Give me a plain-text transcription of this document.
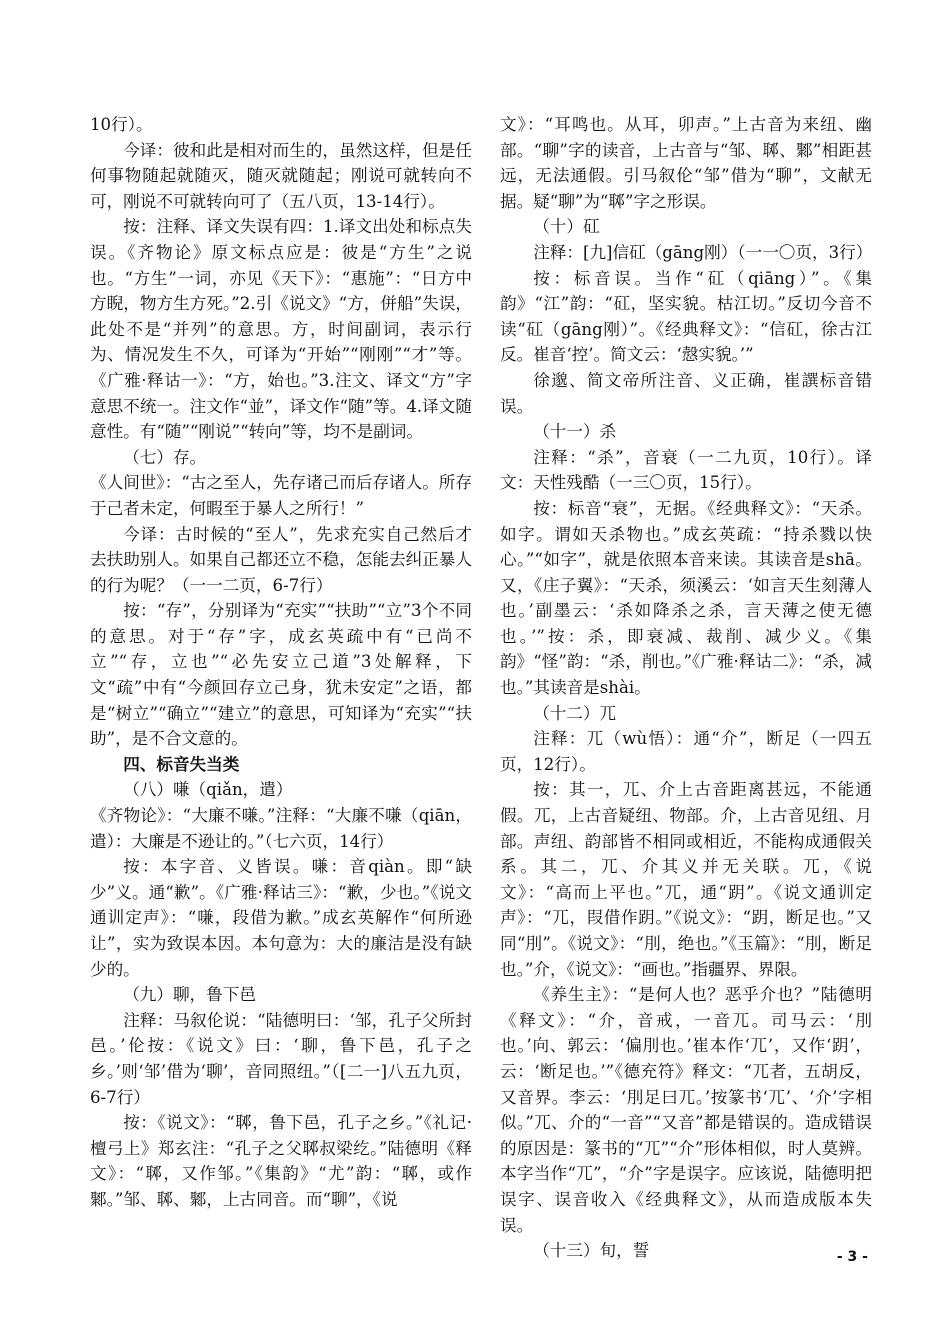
10行）。

今译：彼和此是相对而生的，虽然这样，但是任何事物随起就随灭，随灭就随起；刚说可就转向不可，刚说不可就转向可了（五八页，13-14行）。

按：注释、译文失误有四：1.译文出处和标点失误。《齐物论》原文标点应是：彼是“方生”之说也。“方生”一词，亦见《天下》：“惠施”：“日方中方睨，物方生方死。”2.引《说文》“方，併船”失误，此处不是“并列”的意思。方，时间副词，表示行为、情况发生不久，可译为“开始”“刚刚”“才”等。《广雅·释诂一》：“方，始也。”3.注文、译文“方”字意思不统一。注文作“並”，译文作“随”等。4.译文随意性。有“随”“刚说”“转向”等，均不是副词。

（七）存。

《人间世》：“古之至人，先存诸己而后存诸人。所存于己者未定，何暇至于暴人之所行！”

今译：古时候的“至人”，先求充实自己然后才去扶助别人。如果自己都还立不稳，怎能去纠正暴人的行为呢？（一一二页，6-7行）

按：“存”，分别译为“充实”“扶助”“立”3个不同的意思。对于“存”字，成玄英疏中有“已尚不立”“存，立也”“必先安立己道”3处解释，下文“疏”中有“今颜回存立己身，犹未安定”之语，都是“树立”“确立”“建立”的意思，可知译为“充实”“扶助”，是不合文意的。

四、标音失当类

（八）嗛（qiǎn，遣）

《齐物论》：“大廉不嗛。”注释：“大廉不嗛（qiān，遣）：大廉是不逊让的。”（七六页，14行）

按：本字音、义皆误。嗛：音qiàn。即“缺少”义。通“歉”。《广雅·释诂三》：“歉，少也。”《说文通训定声》：“嗛，段借为歉。”成玄英解作“何所逊让”，实为致误本因。本句意为：大的廉洁是没有缺少的。

（九）聊，鲁下邑

注释：马叙伦说：“陆德明曰：‘邹，孔子父所封邑。’伦按：《说文》曰：‘聊，鲁下邑，孔子之乡。’则‘邹’借为‘聊’，音同照纽。”（[二一]八五九页，6-7行）

按：《说文》：“郰，鲁下邑，孔子之乡。”《礼记·檀弓上》郑玄注：“孔子之父郰叔梁纥。”陆德明《释文》：“郰，又作邹。”《集韵》“尤”韵：“郰，或作鄹。”邹、郰、鄹，上古同音。而“聊”，《说

文》：“耳鸣也。从耳，卯声。”上古音为来纽、幽部。“聊”字的读音，上古音与“邹、郰、鄹”相距甚远，无法通假。引马叙伦“邹”借为“聊”，文献无据。疑“聊”为“郰”字之形误。

（十）矼

注释：[九]信矼（gāng刚）（一一〇页，3行）

按：标音误。当作“矼（qiāng）”。《集韵》“江”韵：“矼，坚实貌。枯江切。”反切今音不读“矼（gāng刚）”。《经典释文》：“信矼，徐古江反。崔音‘控’。简文云：‘慤实貌。’”

徐邈、简文帝所注音、义正确，崔譔标音错误。

（十一）杀

注释：“杀”，音衰（一二九页，10行）。译文：天性残酷（一三〇页，15行）。

按：标音“衰”，无据。《经典释文》：“天杀。如字。谓如天杀物也。”成玄英疏：“持杀戮以快心。”“如字”，就是依照本音来读。其读音是shā。又，《庄子翼》：“天杀，须溪云：‘如言天生刻薄人也。’副墨云：‘杀如降杀之杀，言天薄之使无德也。’”按：杀，即衰减、裁削、减少义。《集韵》“怪”韵：“杀，削也。”《广雅·释诂二》：“杀，减也。”其读音是shài。

（十二）兀

注释：兀（wù悟）：通“介”，断足（一四五页，12行）。

按：其一，兀、介上古音距离甚远，不能通假。兀，上古音疑纽、物部。介，上古音见纽、月部。声纽、韵部皆不相同或相近，不能构成通假关系。其二，兀、介其义并无关联。兀，《说文》：“高而上平也。”兀，通“跀”。《说文通训定声》：“兀，叚借作跀。”《说文》：“跀，断足也。”又同“刖”。《说文》：“刖，绝也。”《玉篇》：“刖，断足也。”介，《说文》：“画也。”指疆界、界限。

《养生主》：“是何人也？恶乎介也？”陆德明《释文》：“介，音戒，一音兀。司马云：‘刖也。’向、郭云：‘偏刖也。’崔本作‘兀’，又作‘跀’，云：‘断足也。’”《德充符》释文：“兀者，五胡反，又音界。李云：‘刖足曰兀。’按篆书‘兀’、‘介’字相似。”兀、介的“一音”“又音”都是错误的。造成错误的原因是：篆书的“兀”“介”形体相似，时人莫辨。本字当作“兀”，“介”字是误字。应该说，陆德明把误字、误音收入《经典释文》，从而造成版本失误。

（十三）旬，誓	- 3 -
